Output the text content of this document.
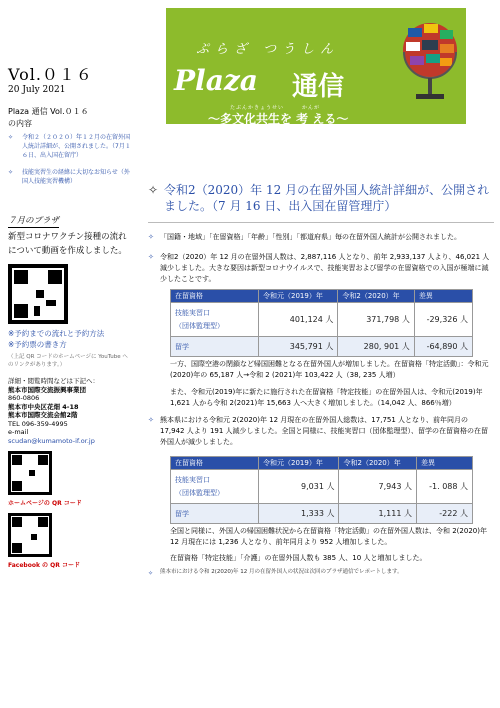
ぷらざ つうしん
Plaza 通信
たぶんかきょうせい　　　かんが
〜多文化共生を 考 える〜
Vol.０１６
20 July 2021
Plaza 通信 Vol.０１６
の内容
✧	令和２（２０２０）年１２月の在留外国人統計詳細が、公開されました。（7月１６日、出入国在留庁）
✧	技能実習生の経緯に大切なお知らせ（外国人技能実習機構）
７月のプラザ
新型コロナワクチン接種の流れについて動画を作成しました。
※予約までの流れと予約方法
※予約票の書き方
（上記 QR コードのホームページに YouTube へのリンクがあります。）
詳細・閲覧時間などは下記へ：
熊本市国際交流振興事業団
860-0806
熊本市中央区花畑 4-18
熊本市国際交流会館2階
TEL 096-359-4995
e-mail
scudan@kumamoto-if.or.jp
ホームページの QR コード
Facebook の QR コード
✧ 令和2（2020）年 12 月の在留外国人統計詳細が、公開されました。（7 月 16 日、出入国在留管理庁）
✧ 「国籍・地域」「在留資格」「年齢」「性別」「都道府県」毎の在留外国人統計が公開されました。
✧ 令和2（2020）年 12 月の在留外国人数は、2,887,116 人となり、前年 2,933,137 人より、46,021 人減少しました。大きな要因は新型コロナウイルスで、技能実習および留学の在留資格での入国が極端に減少したことです。
在留資格	令和元（2019）年	令和2（2020）年	差異
技能実習口
（団体監理型）	401,124 人	371,798 人	-29,326 人
留学	345,791 人	280, 901 人	-64,890 人
一方、国際空港の閉鎖など帰国困難となる在留外国人が増加しました。在留資格「特定活動」：令和元(2020)年の 65,187 人→令和 2 (2021)年 103,422 人（38, 235 人増）
また、令和元(2019)年に新たに施行された在留資格「特定技能」の在留外国人は、令和元(2019)年 1,621 人から令和 2(2021)年 15,663 人へ大きく増加しました。（14,042 人、866％増）
✧ 熊本県における令和元 2(2020)年 12 月現在の在留外国人総数は、17,751 人となり、前年同月の 17,942 人より 191 人減少しました。全国と同様に、技能実習口（団体監理型）、留学の在留資格の在留外国人が減少しました。
在留資格	令和元（2019）年	令和2（2020）年	差異
技能実習口
（団体監理型）	9,031 人	7,943 人	-1. 088 人
留学	1,333 人	1,111 人	-222 人
全国と同様に、外国人の帰国困難状況から在留資格「特定活動」の在留外国人数は、令和 2(2020)年 12 月現在には 1,236 人となり、前年同月より 952 人増加しました。
在留資格「特定技能」「介護」の在留外国人数も 385 人、10 人と増加しました。
✧	熊本市における令和 2(2020)年 12 月の在留外国人の状況は次回のプラザ通信でレポートします。
